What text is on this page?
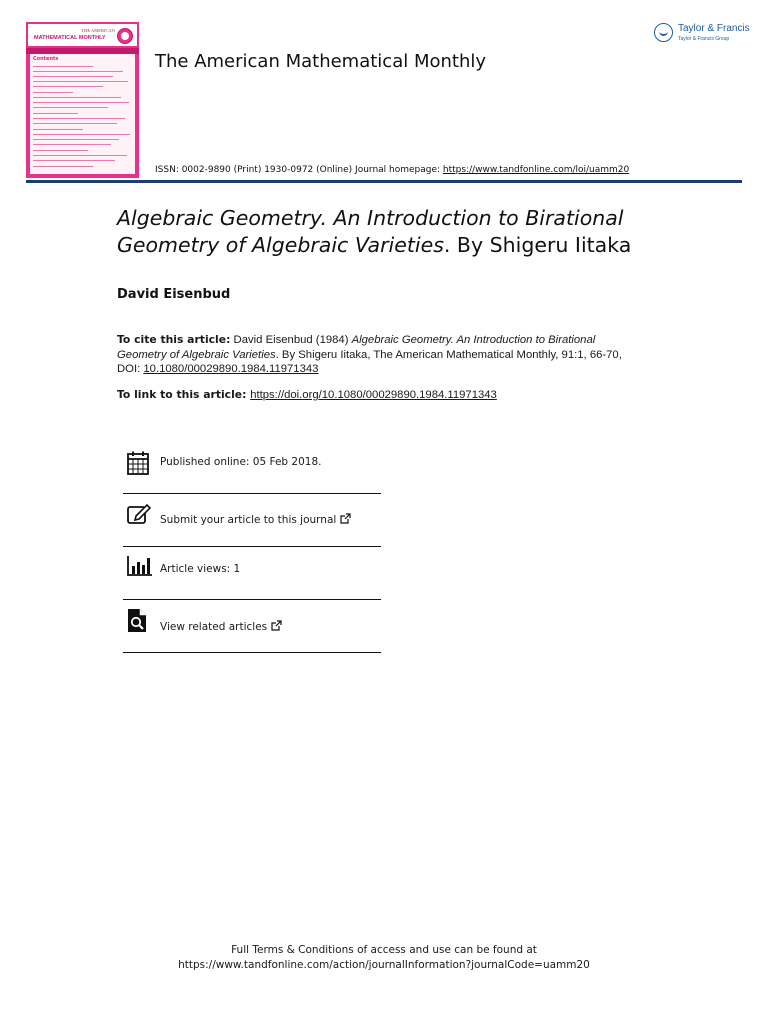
THE AMERICAN
MATHEMATICAL MONTHLY
Contents	The American Mathematical Monthly
Taylor & Francis
Taylor & Francis Group
ISSN: 0002-9890 (Print) 1930-0972 (Online) Journal homepage: https://www.tandfonline.com/loi/uamm20
Algebraic Geometry. An Introduction to Birational Geometry of Algebraic Varieties. By Shigeru Iitaka
David Eisenbud
To cite this article: David Eisenbud (1984) Algebraic Geometry. An Introduction to Birational Geometry of Algebraic Varieties. By Shigeru Iitaka, The American Mathematical Monthly, 91:1, 66-70, DOI: 10.1080/00029890.1984.11971343
To link to this article: https://doi.org/10.1080/00029890.1984.11971343
Published online: 05 Feb 2018.
Submit your article to this journal
Article views: 1
View related articles
Full Terms & Conditions of access and use can be found at
https://www.tandfonline.com/action/journalInformation?journalCode=uamm20
